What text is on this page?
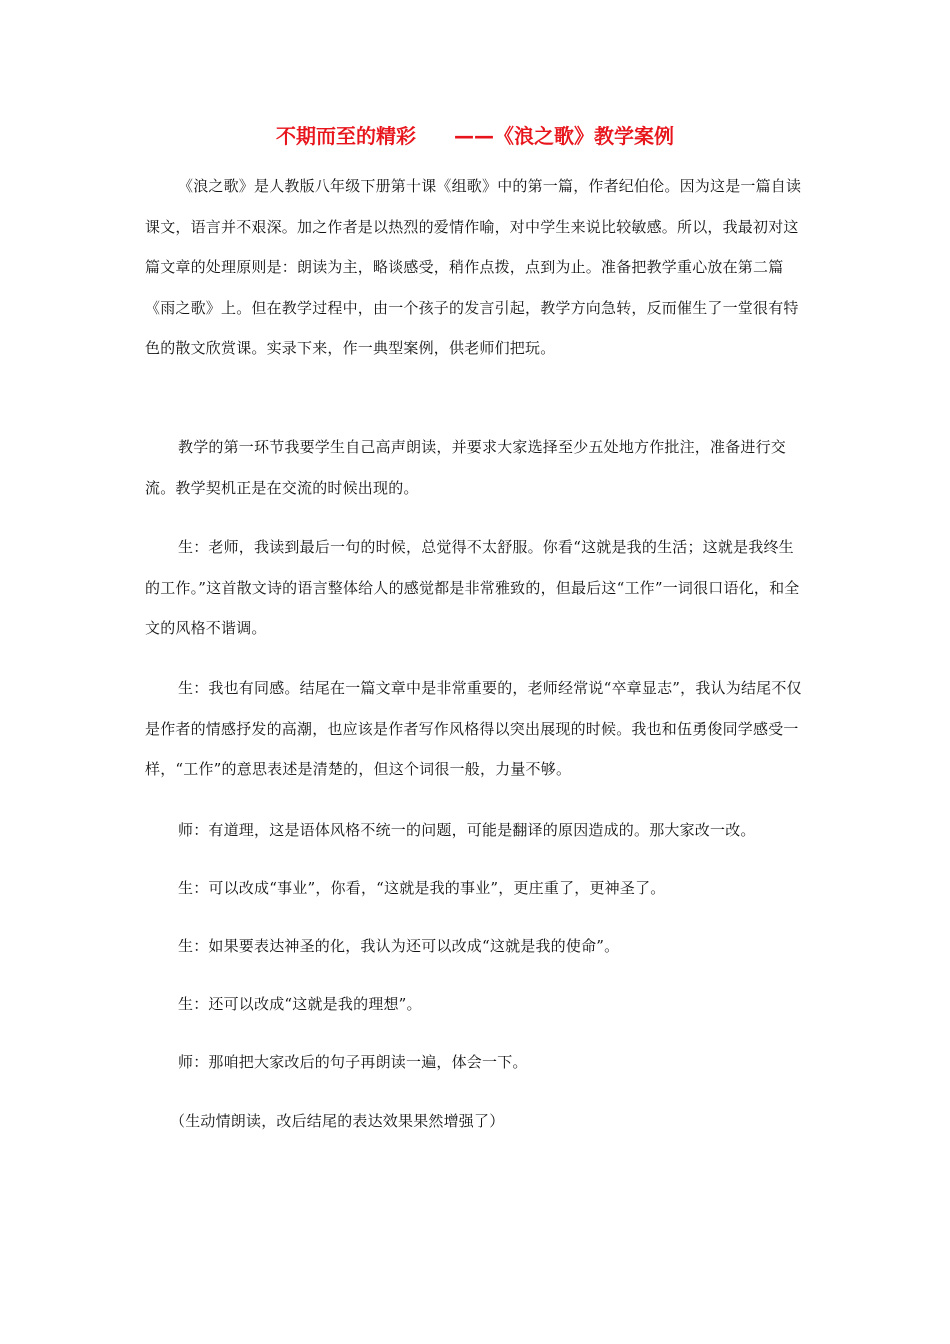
不期而至的精彩 ——《浪之歌》教学案例

《浪之歌》是人教版八年级下册第十课《组歌》中的第一篇，作者纪伯伦。因为这是一篇自读课文，语言并不艰深。加之作者是以热烈的爱情作喻，对中学生来说比较敏感。所以，我最初对这篇文章的处理原则是：朗读为主，略谈感受，稍作点拨，点到为止。准备把教学重心放在第二篇《雨之歌》上。但在教学过程中，由一个孩子的发言引起，教学方向急转，反而催生了一堂很有特色的散文欣赏课。实录下来，作一典型案例，供老师们把玩。

教学的第一环节我要学生自己高声朗读，并要求大家选择至少五处地方作批注，准备进行交流。教学契机正是在交流的时候出现的。

生：老师，我读到最后一句的时候，总觉得不太舒服。你看“这就是我的生活；这就是我终生的工作。”这首散文诗的语言整体给人的感觉都是非常雅致的，但最后这“工作”一词很口语化，和全文的风格不谐调。

生：我也有同感。结尾在一篇文章中是非常重要的，老师经常说“卒章显志”，我认为结尾不仅是作者的情感抒发的高潮，也应该是作者写作风格得以突出展现的时候。我也和伍勇俊同学感受一样，“工作”的意思表述是清楚的，但这个词很一般，力量不够。

师：有道理，这是语体风格不统一的问题，可能是翻译的原因造成的。那大家改一改。

生：可以改成“事业”，你看，“这就是我的事业”，更庄重了，更神圣了。

生：如果要表达神圣的化，我认为还可以改成“这就是我的使命”。

生：还可以改成“这就是我的理想”。

师：那咱把大家改后的句子再朗读一遍，体会一下。

（生动情朗读，改后结尾的表达效果果然增强了）
